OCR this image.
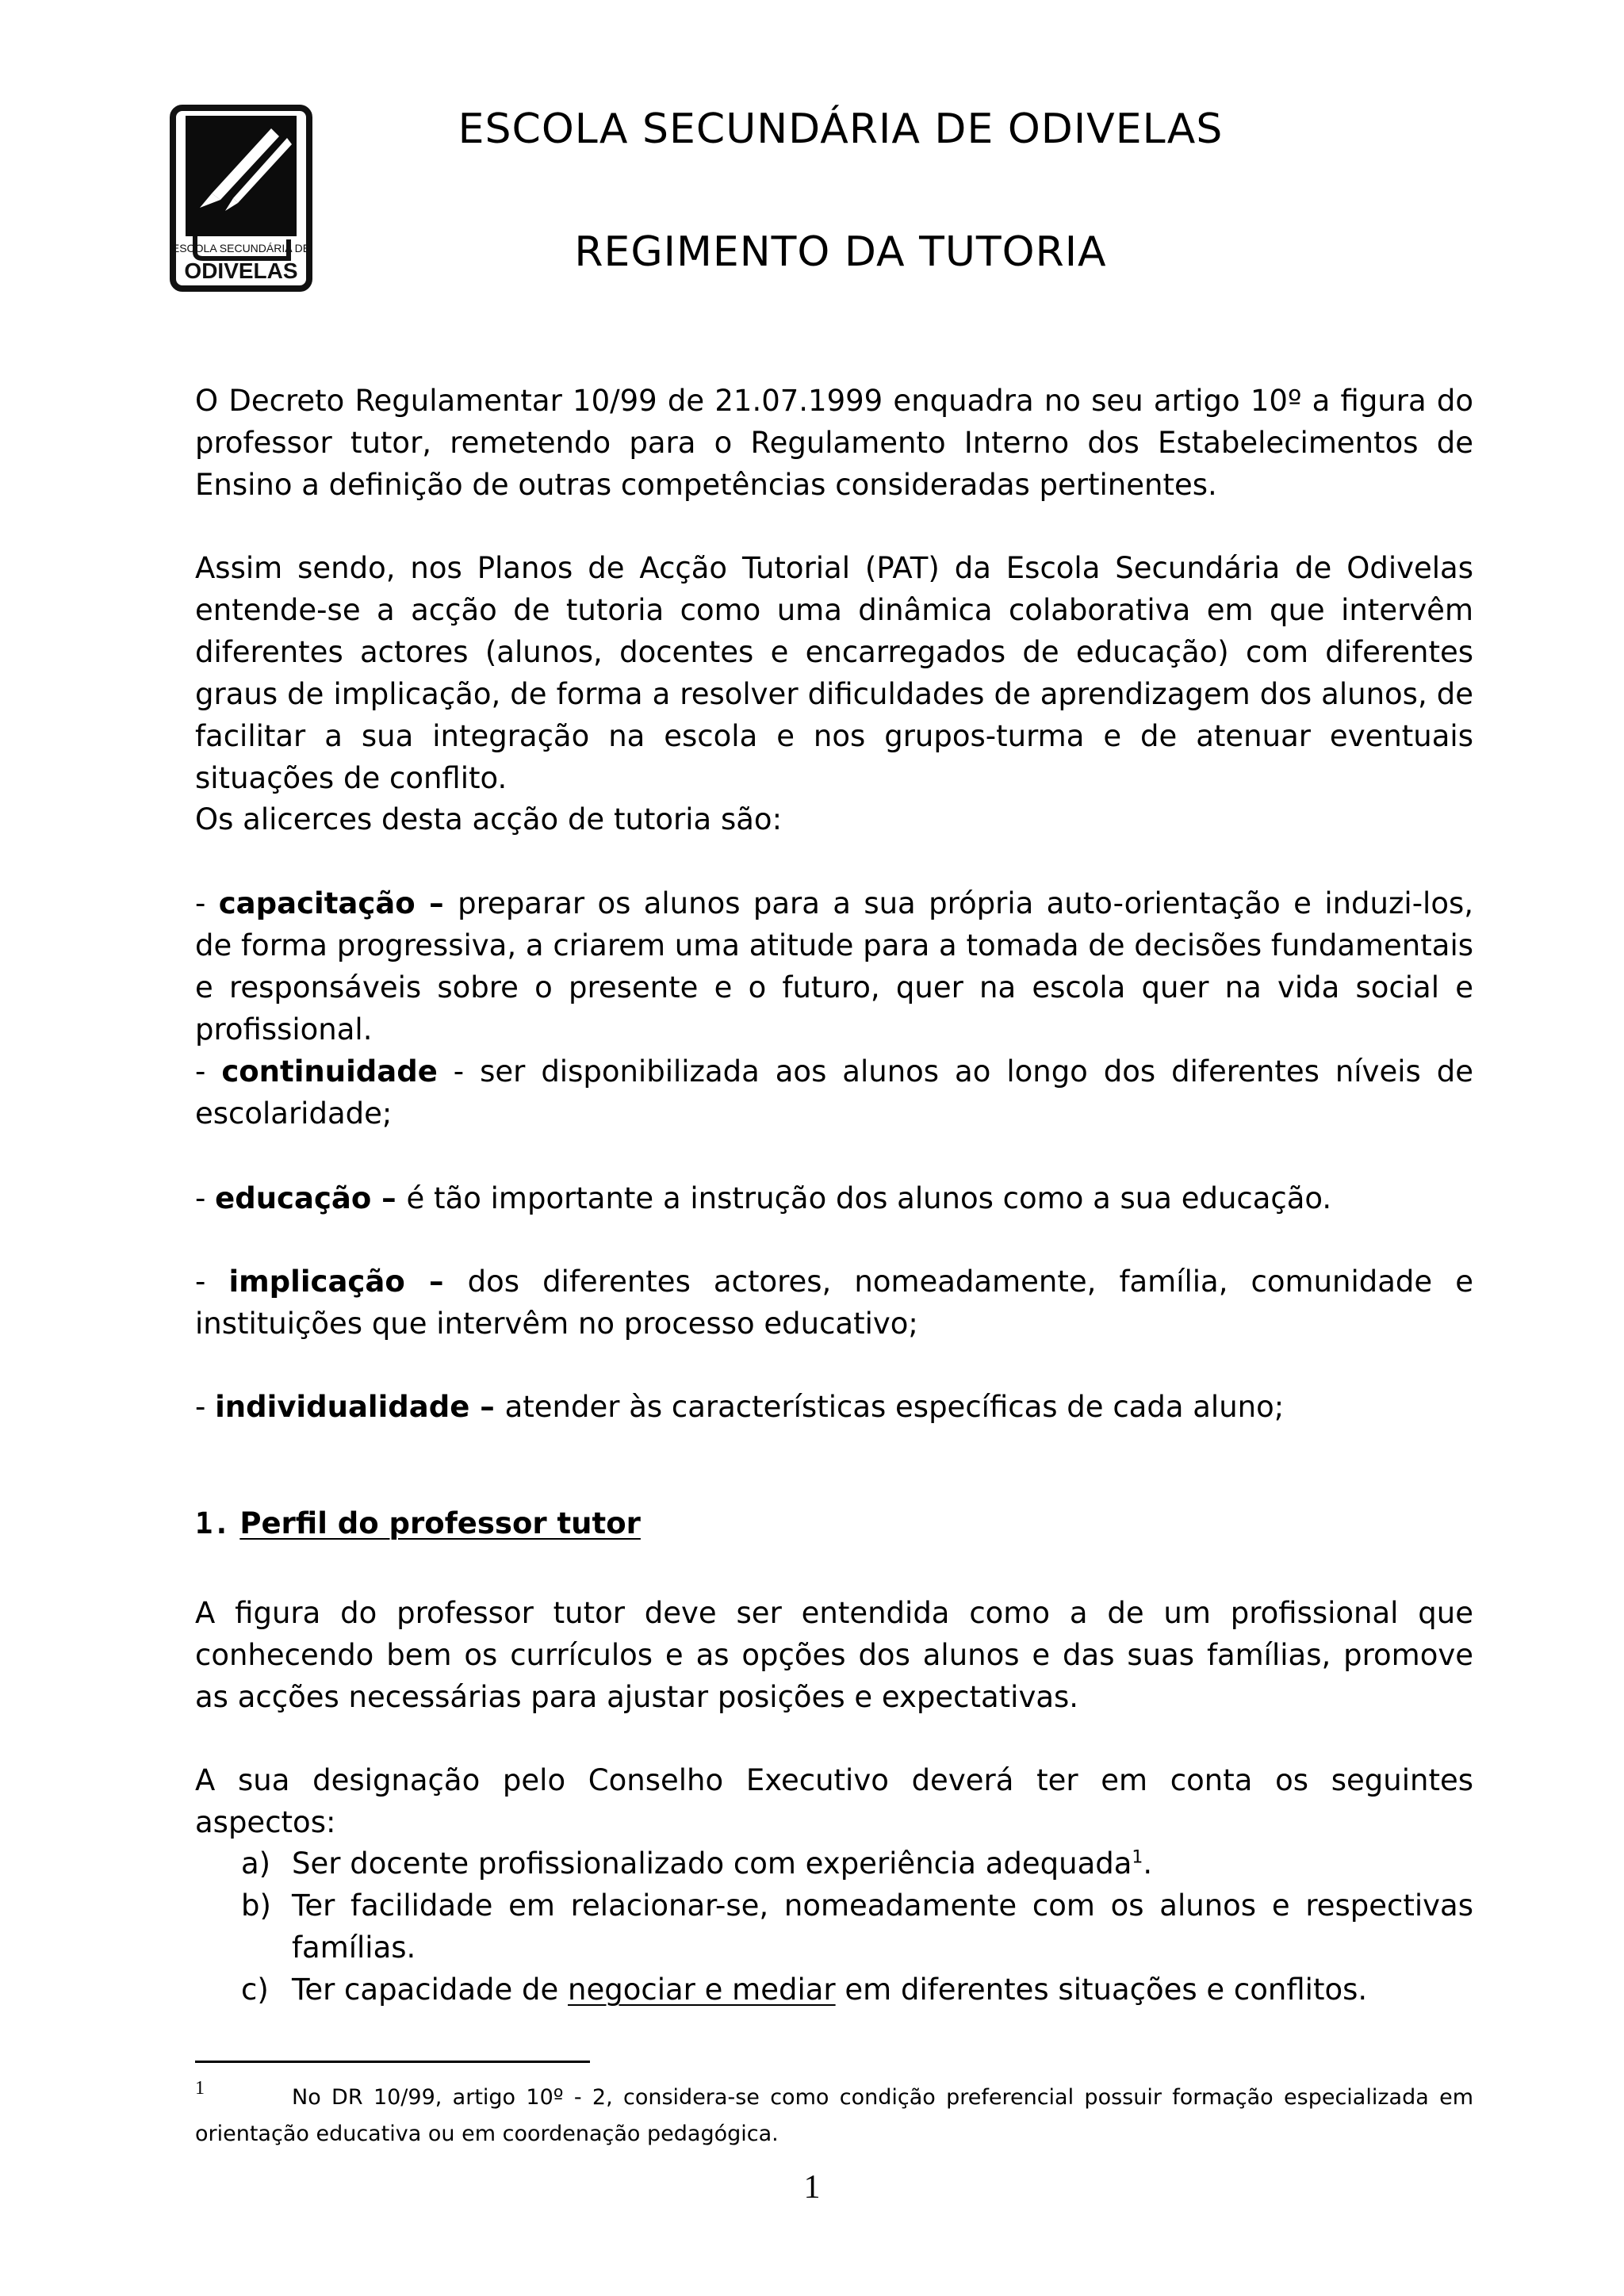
ESCOLA SECUNDÁRIA DE
ODIVELAS
ESCOLA SECUNDÁRIA DE ODIVELAS
REGIMENTO DA TUTORIA

O Decreto Regulamentar 10/99 de 21.07.1999 enquadra no seu artigo 10º a figura do professor tutor, remetendo para o Regulamento Interno dos Estabelecimentos de Ensino a definição de outras competências consideradas pertinentes.

Assim sendo, nos Planos de Acção Tutorial (PAT) da Escola Secundária de Odivelas entende-se a acção de tutoria como uma dinâmica colaborativa em que intervêm diferentes actores (alunos, docentes e encarregados de educação) com diferentes graus de implicação, de forma a resolver dificuldades de aprendizagem dos alunos, de facilitar a sua integração na escola e nos grupos-turma e de atenuar eventuais situações de conflito.

Os alicerces desta acção de tutoria são:

- capacitação – preparar os alunos para a sua própria auto-orientação e induzi-los, de forma progressiva, a criarem uma atitude para a tomada de decisões fundamentais e responsáveis sobre o presente e o futuro, quer na escola quer na vida social e profissional.

- continuidade - ser disponibilizada aos alunos ao longo dos diferentes níveis de escolaridade;

- educação – é tão importante a instrução dos alunos como a sua educação.

- implicação – dos diferentes actores, nomeadamente, família, comunidade e instituições que intervêm no processo educativo;

- individualidade – atender às características específicas de cada aluno;

1. Perfil do professor tutor

A figura do professor tutor deve ser entendida como a de um profissional que conhecendo bem os currículos e as opções dos alunos e das suas famílias, promove as acções necessárias para ajustar posições e expectativas.

A sua designação pelo Conselho Executivo deverá ter em conta os seguintes aspectos:

a) Ser docente profissionalizado com experiência adequada$^1$.
b) Ter facilidade em relacionar-se, nomeadamente com os alunos e respectivas famílias.
c) Ter capacidade de negociar e mediar em diferentes situações e conflitos.
1	No DR 10/99, artigo 10º - 2, considera-se como condição preferencial possuir formação especializada em orientação educativa ou em coordenação pedagógica.
1
